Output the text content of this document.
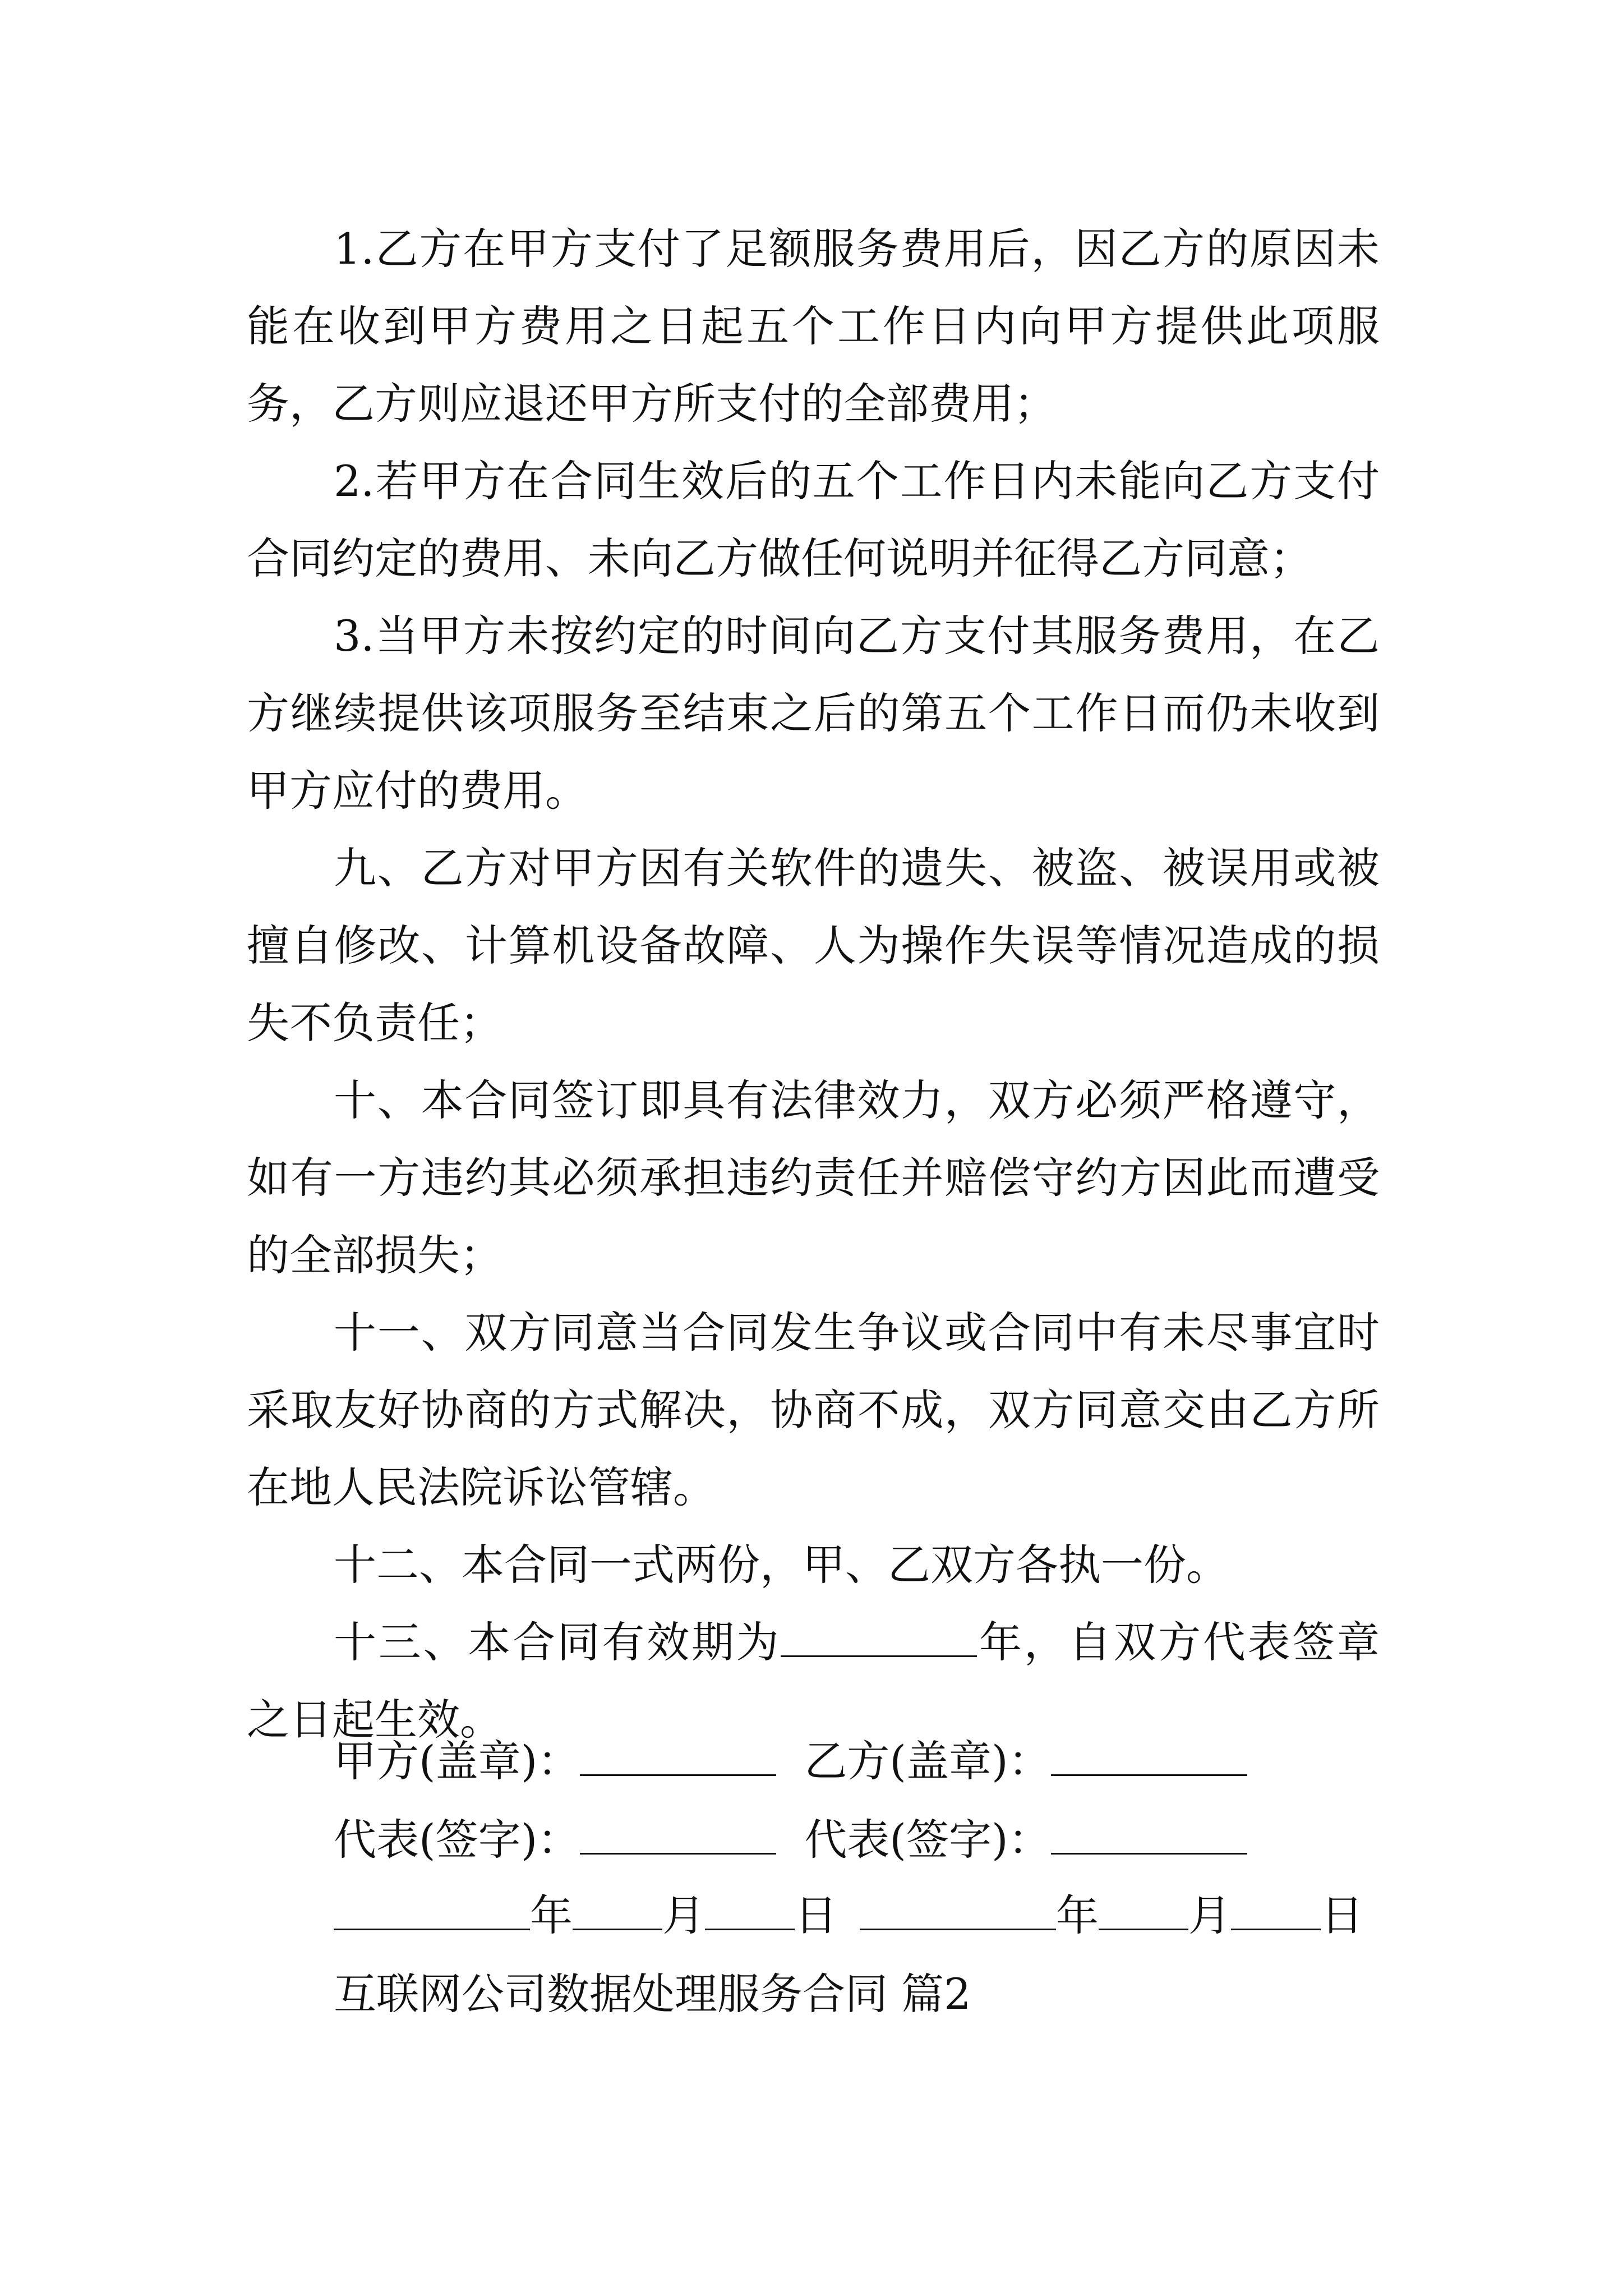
1.乙方在甲方支付了足额服务费用后，因乙方的原因未能在收到甲方费用之日起五个工作日内向甲方提供此项服务，乙方则应退还甲方所支付的全部费用；

2.若甲方在合同生效后的五个工作日内未能向乙方支付合同约定的费用、未向乙方做任何说明并征得乙方同意；

3.当甲方未按约定的时间向乙方支付其服务费用，在乙方继续提供该项服务至结束之后的第五个工作日而仍未收到甲方应付的费用。

九、乙方对甲方因有关软件的遗失、被盗、被误用或被擅自修改、计算机设备故障、人为操作失误等情况造成的损失不负责任；

十、本合同签订即具有法律效力，双方必须严格遵守，如有一方违约其必须承担违约责任并赔偿守约方因此而遭受的全部损失；

十一、双方同意当合同发生争议或合同中有未尽事宜时采取友好协商的方式解决，协商不成，双方同意交由乙方所在地人民法院诉讼管辖。

十二、本合同一式两份，甲、乙双方各执一份。

十三、本合同有效期为	年，自双方代表签章之日起生效。

甲方(盖章)：	乙方(盖章)：
代表(签字)：	代表(签字)：
年 月 日	年 月 日
互联网公司数据处理服务合同 篇2
